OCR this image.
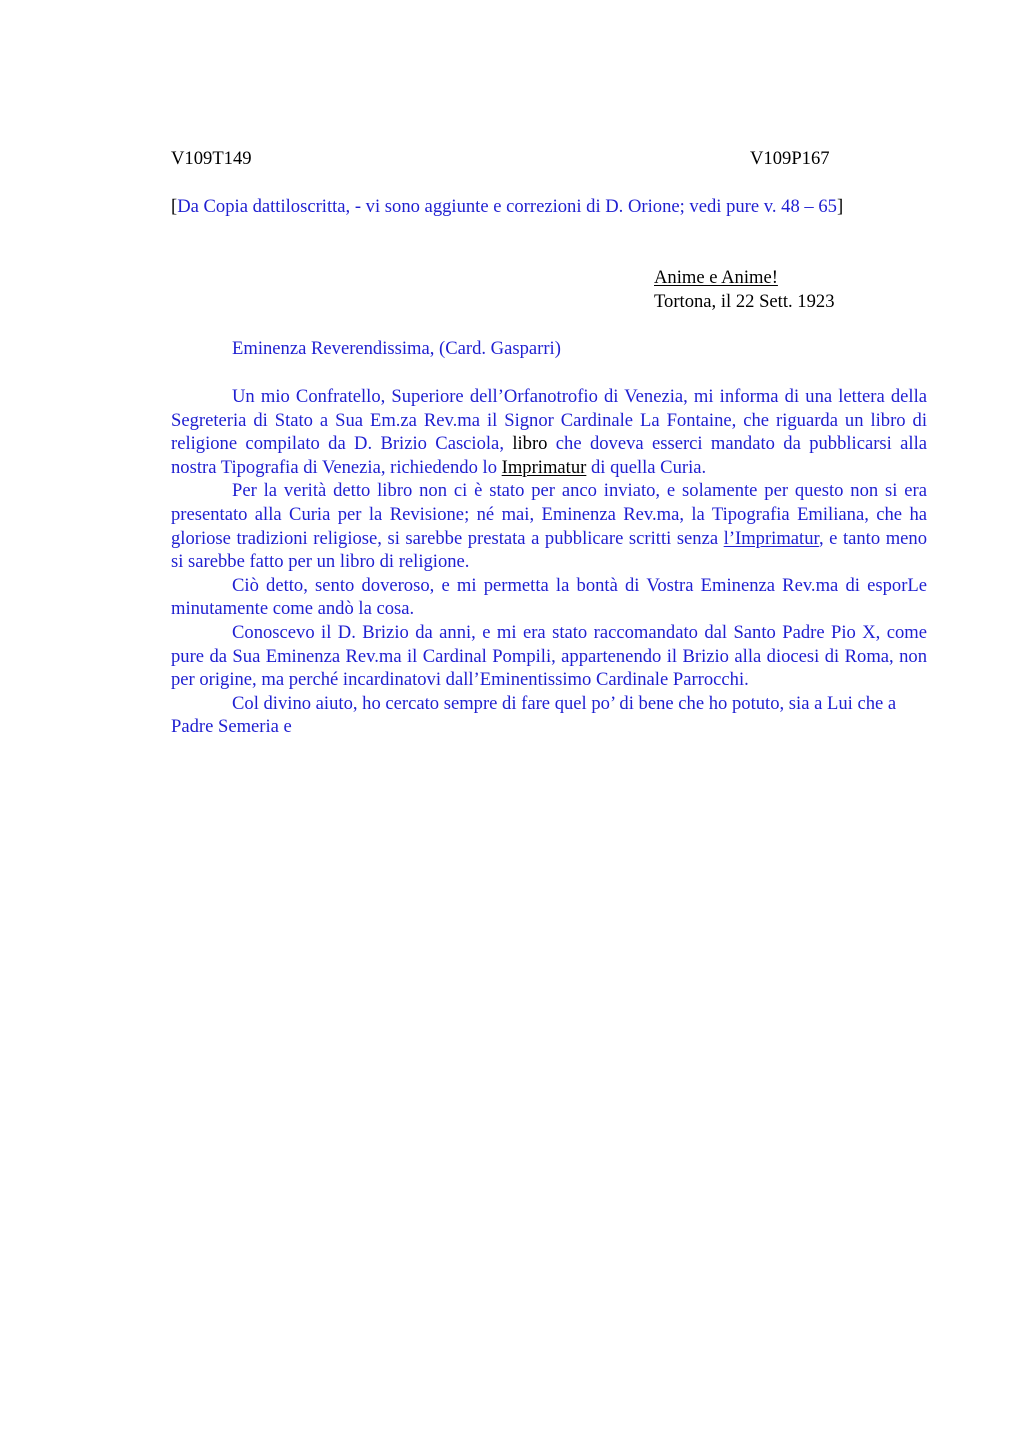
V109T149	V109P167
[Da Copia dattiloscritta, - vi sono aggiunte e correzioni di D. Orione; vedi pure v. 48 – 65]
Anime e Anime!
Tortona, il 22 Sett. 1923
Eminenza Reverendissima, (Card. Gasparri)

Un mio Confratello, Superiore dell’Orfanotrofio di Venezia, mi informa di una lettera della Segreteria di Stato a Sua Em.za Rev.ma il Signor Cardinale La Fontaine, che riguarda un libro di religione compilato da D. Brizio Casciola, libro che doveva esserci mandato da pubblicarsi alla nostra Tipografia di Venezia, richiedendo lo Imprimatur di quella Curia.

Per la verità detto libro non ci è stato per anco inviato, e solamente per questo non si era presentato alla Curia per la Revisione; né mai, Eminenza Rev.ma, la Tipografia Emiliana, che ha gloriose tradizioni religiose, si sarebbe prestata a pubblicare scritti senza l’Imprimatur, e tanto meno si sarebbe fatto per un libro di religione.

Ciò detto, sento doveroso, e mi permetta la bontà di Vostra Eminenza Rev.ma di esporLe minutamente come andò la cosa.

Conoscevo il D. Brizio da anni, e mi era stato raccomandato dal Santo Padre Pio X, come pure da Sua Eminenza Rev.ma il Cardinal Pompili, appartenendo il Brizio alla diocesi di Roma, non per origine, ma perché incardinatovi dall’Eminentissimo Cardinale Parrocchi.

Col divino aiuto, ho cercato sempre di fare quel po’ di bene che ho potuto, sia a Lui che a Padre Semeria e
